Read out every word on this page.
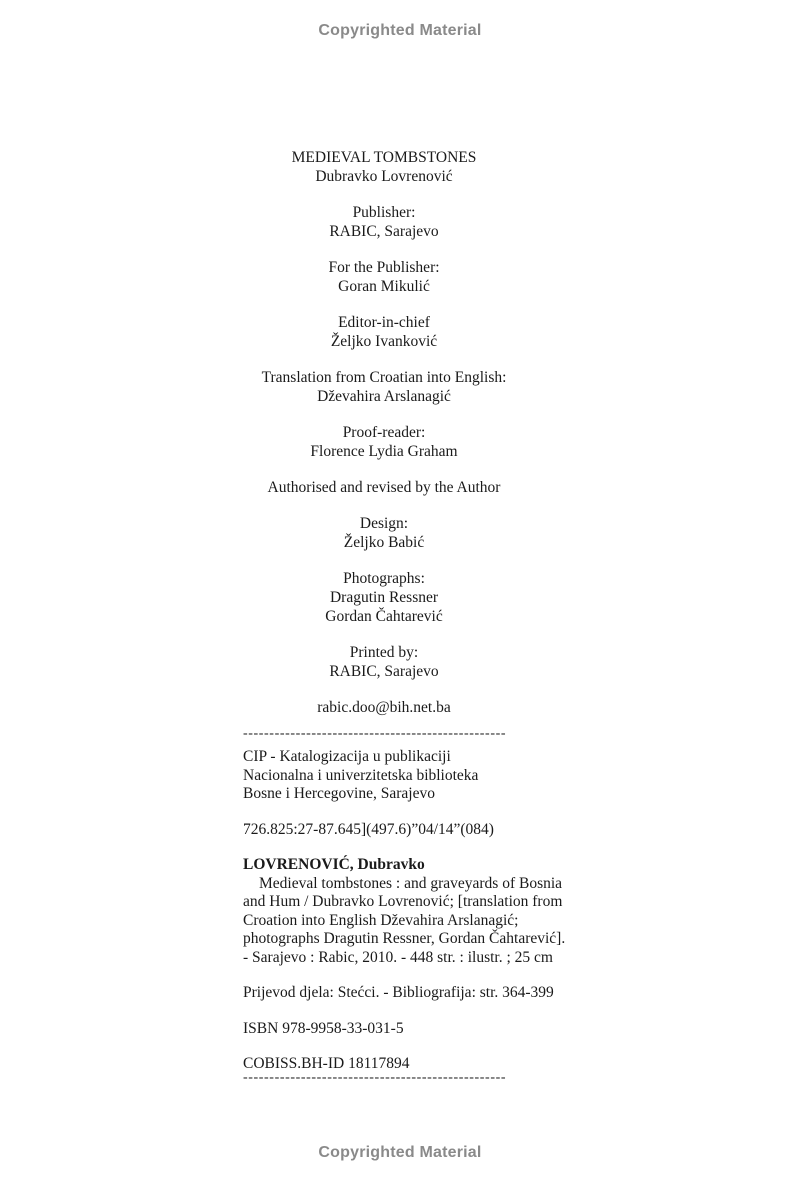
Copyrighted Material
MEDIEVAL TOMBSTONES
Dubravko Lovrenović
Publisher:
RABIC, Sarajevo
For the Publisher:
Goran Mikulić
Editor-in-chief
Željko Ivanković
Translation from Croatian into English:
Dževahira Arslanagić
Proof-reader:
Florence Lydia Graham
Authorised and revised by the Author
Design:
Željko Babić
Photographs:
Dragutin Ressner
Gordan Čahtarević
Printed by:
RABIC, Sarajevo
rabic.doo@bih.net.ba
--------------------------------------------------
CIP - Katalogizacija u publikaciji
Nacionalna i univerzitetska biblioteka
Bosne i Hercegovine, Sarajevo
726.825:27-87.645](497.6)”04/14”(084)
LOVRENOVIĆ, Dubravko
Medieval tombstones : and graveyards of Bosnia
and Hum / Dubravko Lovrenović; [translation from
Croation into English Dževahira Arslanagić;
photographs Dragutin Ressner, Gordan Čahtarević].
- Sarajevo : Rabic, 2010. - 448 str. : ilustr. ; 25 cm
Prijevod djela: Stećci. - Bibliografija: str. 364-399
ISBN 978-9958-33-031-5
COBISS.BH-ID 18117894
--------------------------------------------------
Copyrighted Material
